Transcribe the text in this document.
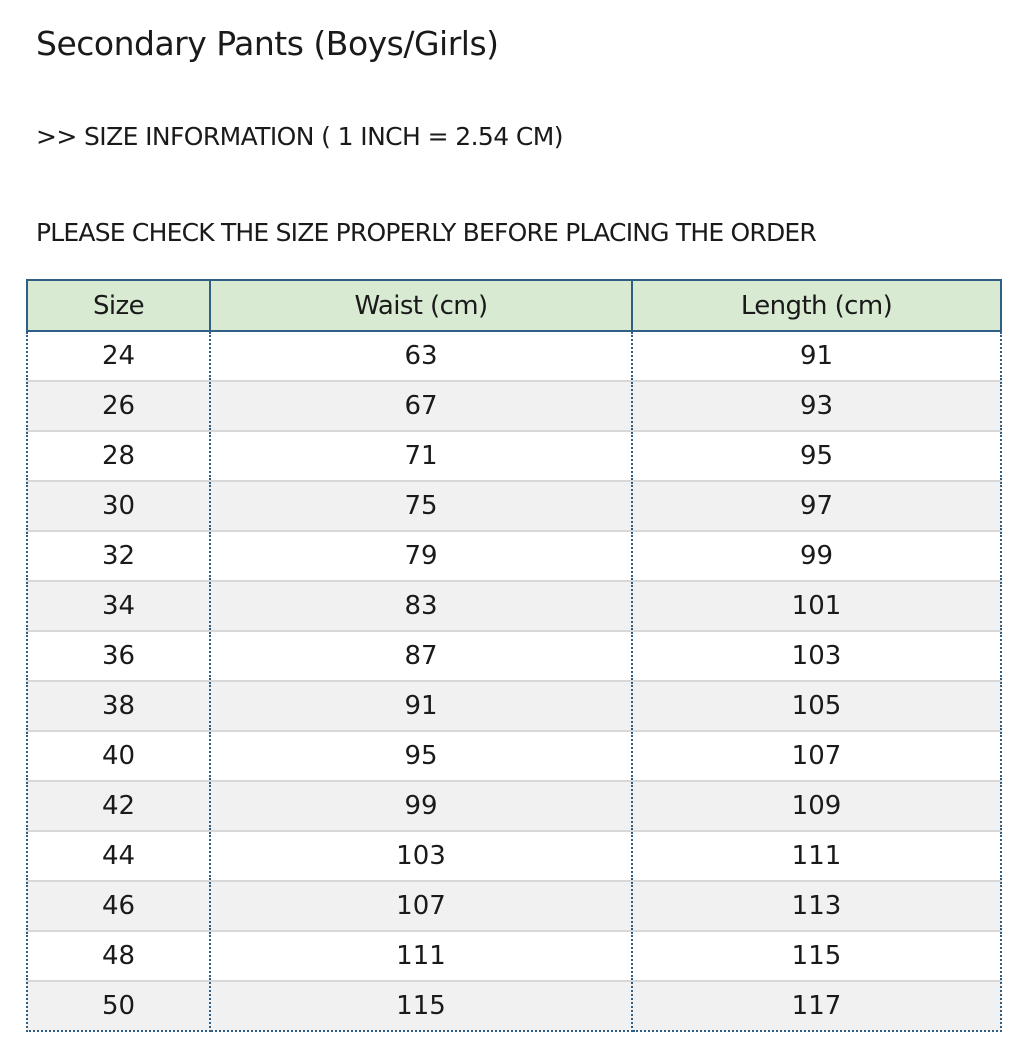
Secondary Pants (Boys/Girls)
>> SIZE INFORMATION ( 1 INCH = 2.54 CM)
PLEASE CHECK THE SIZE PROPERLY BEFORE PLACING THE ORDER
Size	Waist (cm)	Length (cm)
24	63	91
26	67	93
28	71	95
30	75	97
32	79	99
34	83	101
36	87	103
38	91	105
40	95	107
42	99	109
44	103	111
46	107	113
48	111	115
50	115	117
